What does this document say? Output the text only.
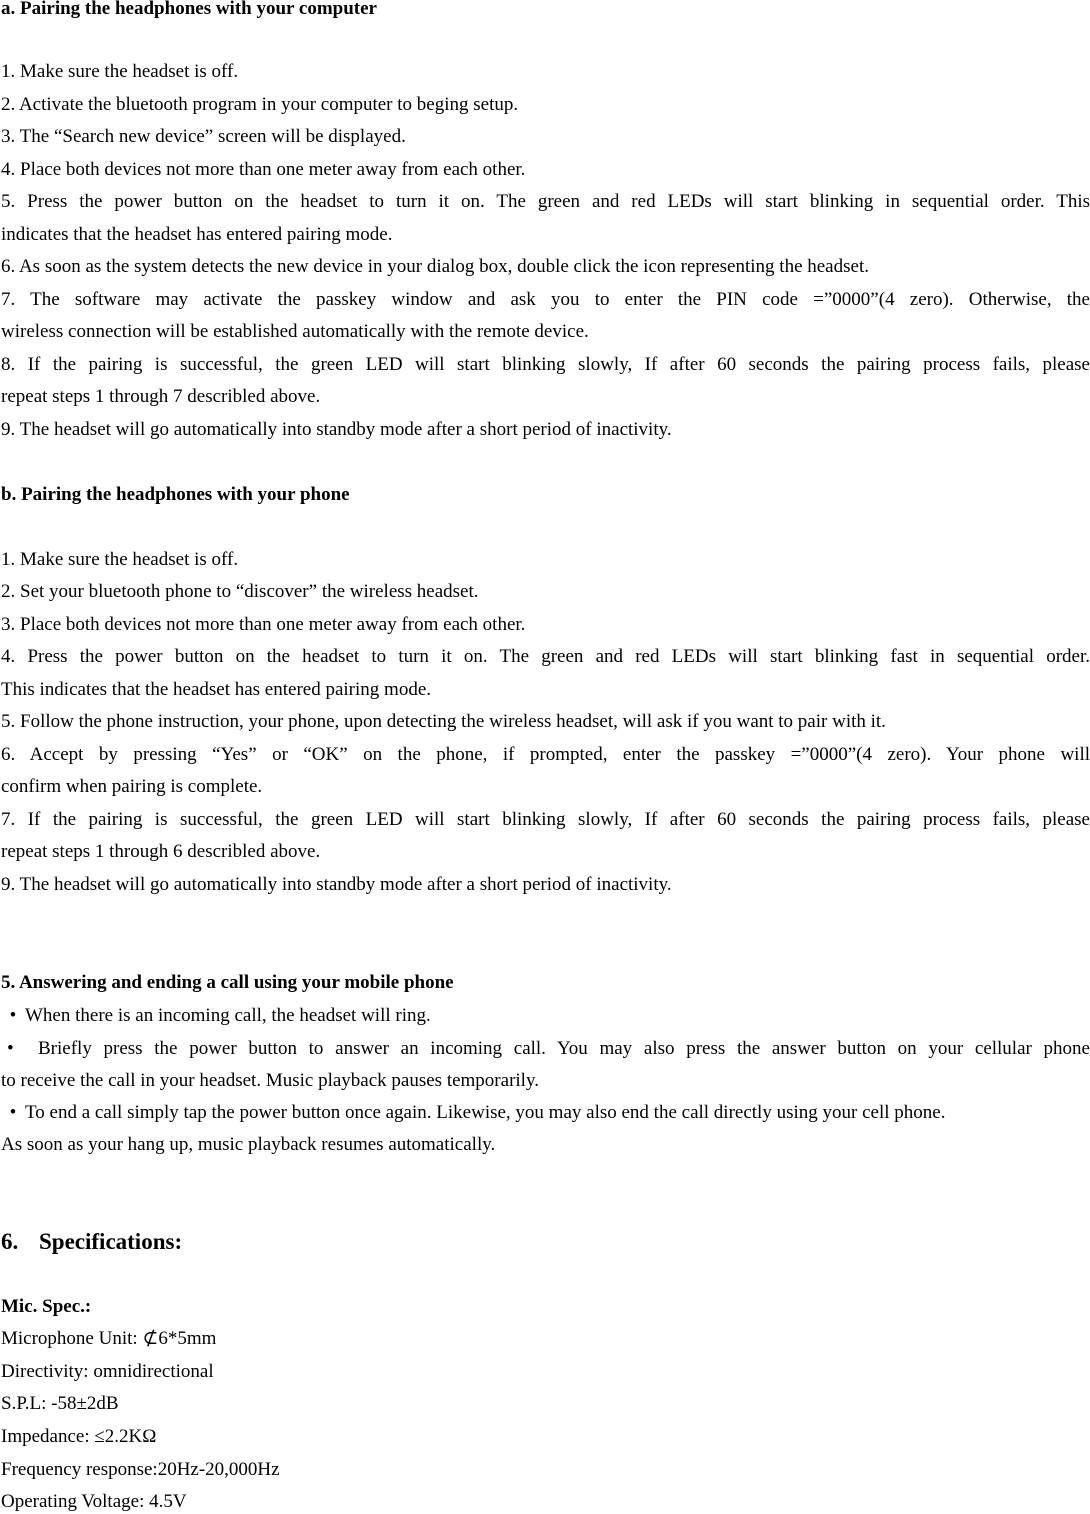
a. Pairing the headphones with your computer
1. Make sure the headset is off.
2. Activate the bluetooth program in your computer to beging setup.
3. The “Search new device” screen will be displayed.
4. Place both devices not more than one meter away from each other.
5. Press the power button on the headset to turn it on. The green and red LEDs will start blinking in sequential order. This
indicates that the headset has entered pairing mode.
6. As soon as the system detects the new device in your dialog box, double click the icon representing the headset.
7. The software may activate the passkey window and ask you to enter the PIN code =”0000”(4 zero). Otherwise, the
wireless connection will be established automatically with the remote device.
8. If the pairing is successful, the green LED will start blinking slowly, If after 60 seconds the pairing process fails, please
repeat steps 1 through 7 describled above.
9. The headset will go automatically into standby mode after a short period of inactivity.
b. Pairing the headphones with your phone
1. Make sure the headset is off.
2. Set your bluetooth phone to “discover” the wireless headset.
3. Place both devices not more than one meter away from each other.
4. Press the power button on the headset to turn it on. The green and red LEDs will start blinking fast in sequential order.
This indicates that the headset has entered pairing mode.
5. Follow the phone instruction, your phone, upon detecting the wireless headset, will ask if you want to pair with it.
6. Accept by pressing “Yes” or “OK” on the phone, if prompted, enter the passkey =”0000”(4 zero). Your phone will
confirm when pairing is complete.
7. If the pairing is successful, the green LED will start blinking slowly, If after 60 seconds the pairing process fails, please
repeat steps 1 through 6 describled above.
9. The headset will go automatically into standby mode after a short period of inactivity.
5. Answering and ending a call using your mobile phone
• When there is an incoming call, the headset will ring.
•	Briefly press the power button to answer an incoming call. You may also press the answer button on your cellular phone
to receive the call in your headset. Music playback pauses temporarily.
• To end a call simply tap the power button once again. Likewise, you may also end the call directly using your cell phone.
As soon as your hang up, music playback resumes automatically.
6. Specifications:
Mic. Spec.:
Microphone Unit: ⊄6*5mm
Directivity: omnidirectional
S.P.L: -58±2dB
Impedance: ≤2.2KΩ
Frequency response:20Hz-20,000Hz
Operating Voltage: 4.5V
